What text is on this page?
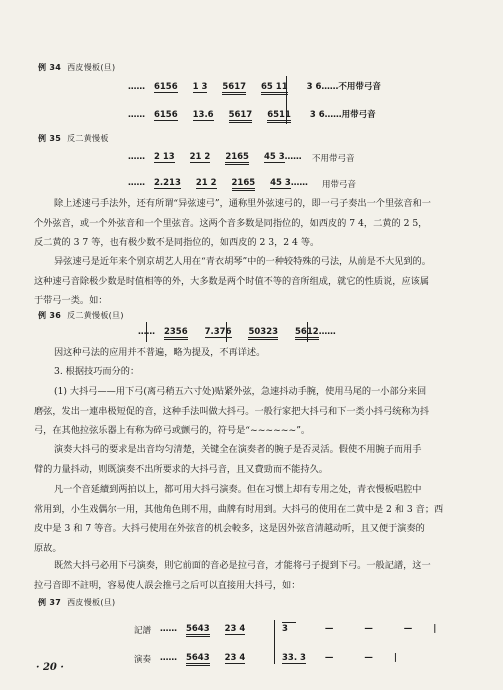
例 34 西皮慢板(旦)
…… 6156 1 3 5617 65 11 3 6……不用带弓音
…… 6156 13.6 5617 6511 3 6……用带弓音
例 35 反二黄慢板
…… 2 13 21 2 2165 45 3…… 不用带弓音
…… 2.213 21 2 2165 45 3…… 用带弓音
除上述速弓手法外，还有所谓“异弦速弓”，通称里外弦速弓的，即一弓子奏出一个里弦音和一
个外弦音，或一个外弦音和一个里弦音。这两个音多数是同指位的，如西皮的 7 4，二黄的 2 5，
反二黄的 3 7 等，也有极少数不是同指位的，如西皮的 2 3，2 4 等。
异弦速弓是近年来个别京胡艺人用在“青衣胡琴”中的一种较特殊的弓法，从前是不大见到的。
这种速弓音除极少数是时值相等的外，大多数是两个时值不等的音所组成，就它的性质说，应该属
于带弓一类。如：
例 36 反二黄慢板(旦)
…… 2356 7.376 50323 5612……
因这种弓法的应用并不普遍，略为提及，不再详述。
3. 根据技巧而分的：
(1) 大抖弓——用下弓(离弓稍五六寸处)贴紧外弦，急速抖动手腕，使用马尾的一小部分来回
磨弦，发出一連串极短促的音，这种手法叫做大抖弓。一般行家把大抖弓和下一类小抖弓统称为抖
弓，在其他拉弦乐器上有称为碎弓或颤弓的，符号是“~~~~~~”。
演奏大抖弓的要求是出音均匀清楚，关键全在演奏者的腕子是否灵活。假使不用腕子而用手
臂的力量抖动，则既演奏不出所要求的大抖弓音，且又費勁而不能持久。
凡一个音延續到两拍以上，都可用大抖弓演奏。但在习惯上却有专用之处，青衣慢板唱腔中
常用到，小生戏偶尔一用，其他角色則不用，曲牌有时用到。大抖弓的使用在二黄中是 2 和 3 音；西
皮中是 3 和 7 等音。大抖弓使用在外弦音的机会較多，这是因外弦音清越动听，且又便于演奏的
原故。
既然大抖弓必用下弓演奏，則它前面的音必是拉弓音，才能将弓子提到下弓。一般記譜，这一
拉弓音即不註明，容易使人誤会推弓之后可以直接用大抖弓，如：
例 37 西皮慢板(旦)
記譜 …… 5643 23 4	3	— — — |
演奏 …… 5643 23 4	33. 3 — — |
· 20 ·
